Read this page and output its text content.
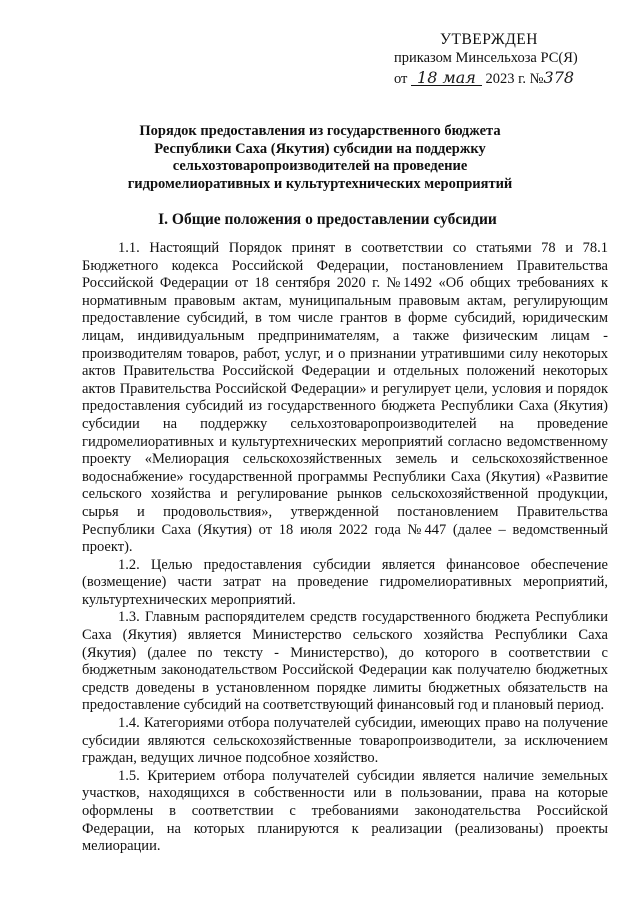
УТВЕРЖДЕН
приказом Минсельхоза РС(Я)
от 18 мая 2023 г. №378
Порядок предоставления из государственного бюджета Республики Саха (Якутия) субсидии на поддержку сельхозтоваропроизводителей на проведение гидромелиоративных и культуртехнических мероприятий
I. Общие положения о предоставлении субсидии

1.1. Настоящий Порядок принят в соответствии со статьями 78 и 78.1 Бюджетного кодекса Российской Федерации, постановлением Правительства Российской Федерации от 18 сентября 2020 г. №1492 «Об общих требованиях к нормативным правовым актам, муниципальным правовым актам, регулирующим предоставление субсидий, в том числе грантов в форме субсидий, юридическим лицам, индивидуальным предпринимателям, а также физическим лицам - производителям товаров, работ, услуг, и о признании утратившими силу некоторых актов Правительства Российской Федерации и отдельных положений некоторых актов Правительства Российской Федерации» и регулирует цели, условия и порядок предоставления субсидий из государственного бюджета Республики Саха (Якутия) субсидии на поддержку сельхозтоваропроизводителей на проведение гидромелиоративных и культуртехнических мероприятий согласно ведомственному проекту «Мелиорация сельскохозяйственных земель и сельскохозяйственное водоснабжение» государственной программы Республики Саха (Якутия) «Развитие сельского хозяйства и регулирование рынков сельскохозяйственной продукции, сырья и продовольствия», утвержденной постановлением Правительства Республики Саха (Якутия) от 18 июля 2022 года №447 (далее – ведомственный проект).

1.2. Целью предоставления субсидии является финансовое обеспечение (возмещение) части затрат на проведение гидромелиоративных мероприятий, культуртехнических мероприятий.

1.3. Главным распорядителем средств государственного бюджета Республики Саха (Якутия) является Министерство сельского хозяйства Республики Саха (Якутия) (далее по тексту - Министерство), до которого в соответствии с бюджетным законодательством Российской Федерации как получателю бюджетных средств доведены в установленном порядке лимиты бюджетных обязательств на предоставление субсидий на соответствующий финансовый год и плановый период.

1.4. Категориями отбора получателей субсидии, имеющих право на получение субсидии являются сельскохозяйственные товаропроизводители, за исключением граждан, ведущих личное подсобное хозяйство.

1.5. Критерием отбора получателей субсидии является наличие земельных участков, находящихся в собственности или в пользовании, права на которые оформлены в соответствии с требованиями законодательства Российской Федерации, на которых планируются к реализации (реализованы) проекты мелиорации.
